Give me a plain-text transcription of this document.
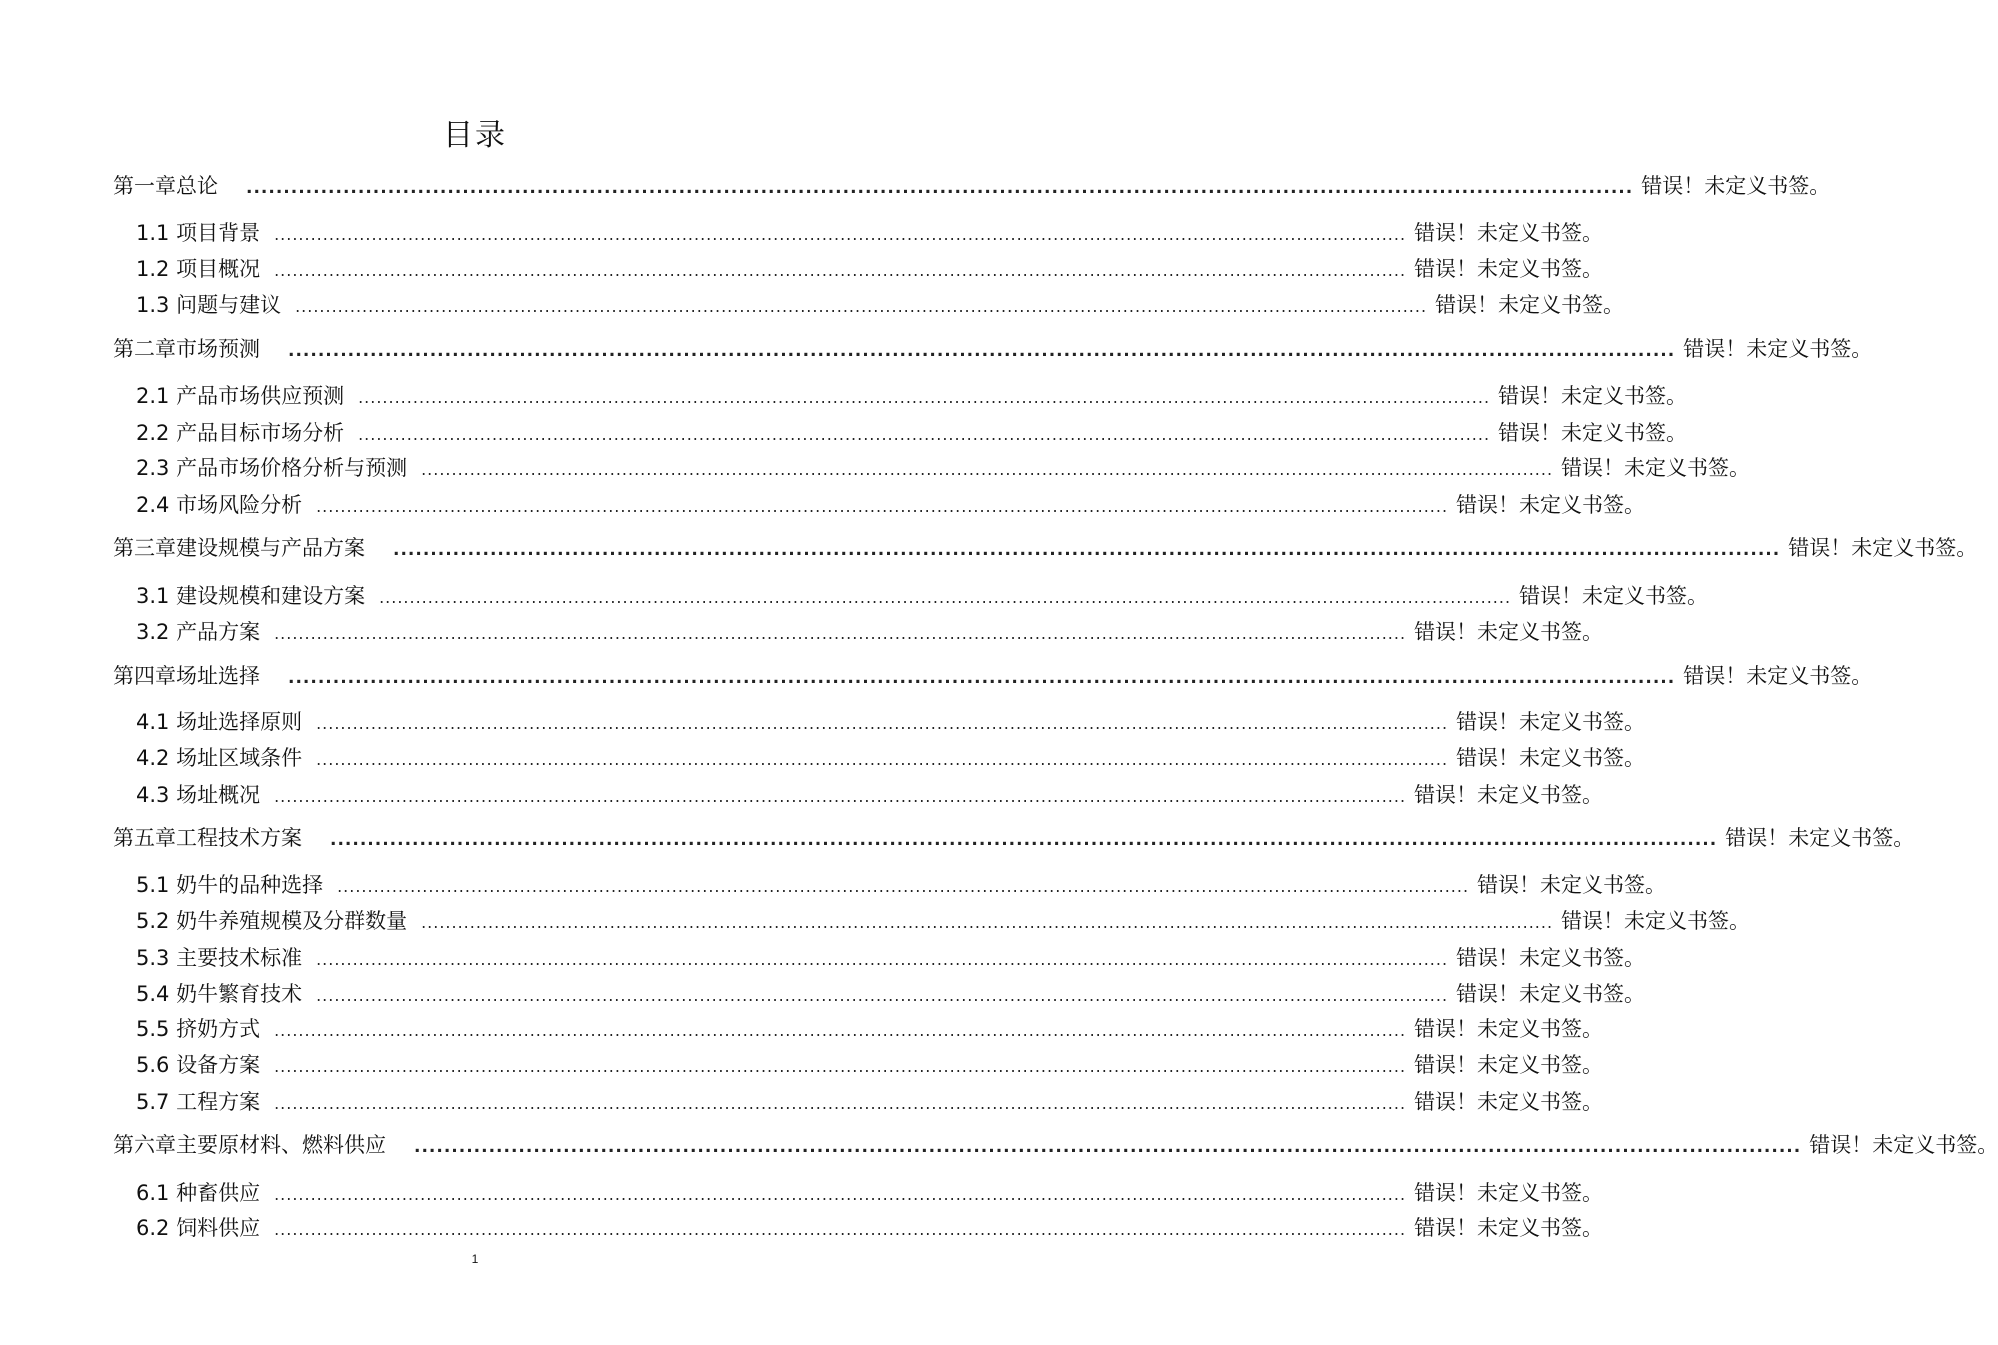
目录
第一章总论 .......................................................................................................................................................................................... 错误！未定义书签。
1.1 项目背景 .......................................................................................................................................................................................... 错误！未定义书签。
1.2 项目概况 .......................................................................................................................................................................................... 错误！未定义书签。
1.3 问题与建议 .......................................................................................................................................................................................... 错误！未定义书签。
第二章市场预测 .......................................................................................................................................................................................... 错误！未定义书签。
2.1 产品市场供应预测 .......................................................................................................................................................................................... 错误！未定义书签。
2.2 产品目标市场分析 .......................................................................................................................................................................................... 错误！未定义书签。
2.3 产品市场价格分析与预测 .......................................................................................................................................................................................... 错误！未定义书签。
2.4 市场风险分析 .......................................................................................................................................................................................... 错误！未定义书签。
第三章建设规模与产品方案 .......................................................................................................................................................................................... 错误！未定义书签。
3.1 建设规模和建设方案 .......................................................................................................................................................................................... 错误！未定义书签。
3.2 产品方案 .......................................................................................................................................................................................... 错误！未定义书签。
第四章场址选择 .......................................................................................................................................................................................... 错误！未定义书签。
4.1 场址选择原则 .......................................................................................................................................................................................... 错误！未定义书签。
4.2 场址区域条件 .......................................................................................................................................................................................... 错误！未定义书签。
4.3 场址概况 .......................................................................................................................................................................................... 错误！未定义书签。
第五章工程技术方案 .......................................................................................................................................................................................... 错误！未定义书签。
5.1 奶牛的品种选择 .......................................................................................................................................................................................... 错误！未定义书签。
5.2 奶牛养殖规模及分群数量 .......................................................................................................................................................................................... 错误！未定义书签。
5.3 主要技术标准 .......................................................................................................................................................................................... 错误！未定义书签。
5.4 奶牛繁育技术 .......................................................................................................................................................................................... 错误！未定义书签。
5.5 挤奶方式 .......................................................................................................................................................................................... 错误！未定义书签。
5.6 设备方案 .......................................................................................................................................................................................... 错误！未定义书签。
5.7 工程方案 .......................................................................................................................................................................................... 错误！未定义书签。
第六章主要原材料、燃料供应 .......................................................................................................................................................................................... 错误！未定义书签。
6.1 种畜供应 .......................................................................................................................................................................................... 错误！未定义书签。
6.2 饲料供应 .......................................................................................................................................................................................... 错误！未定义书签。
1
